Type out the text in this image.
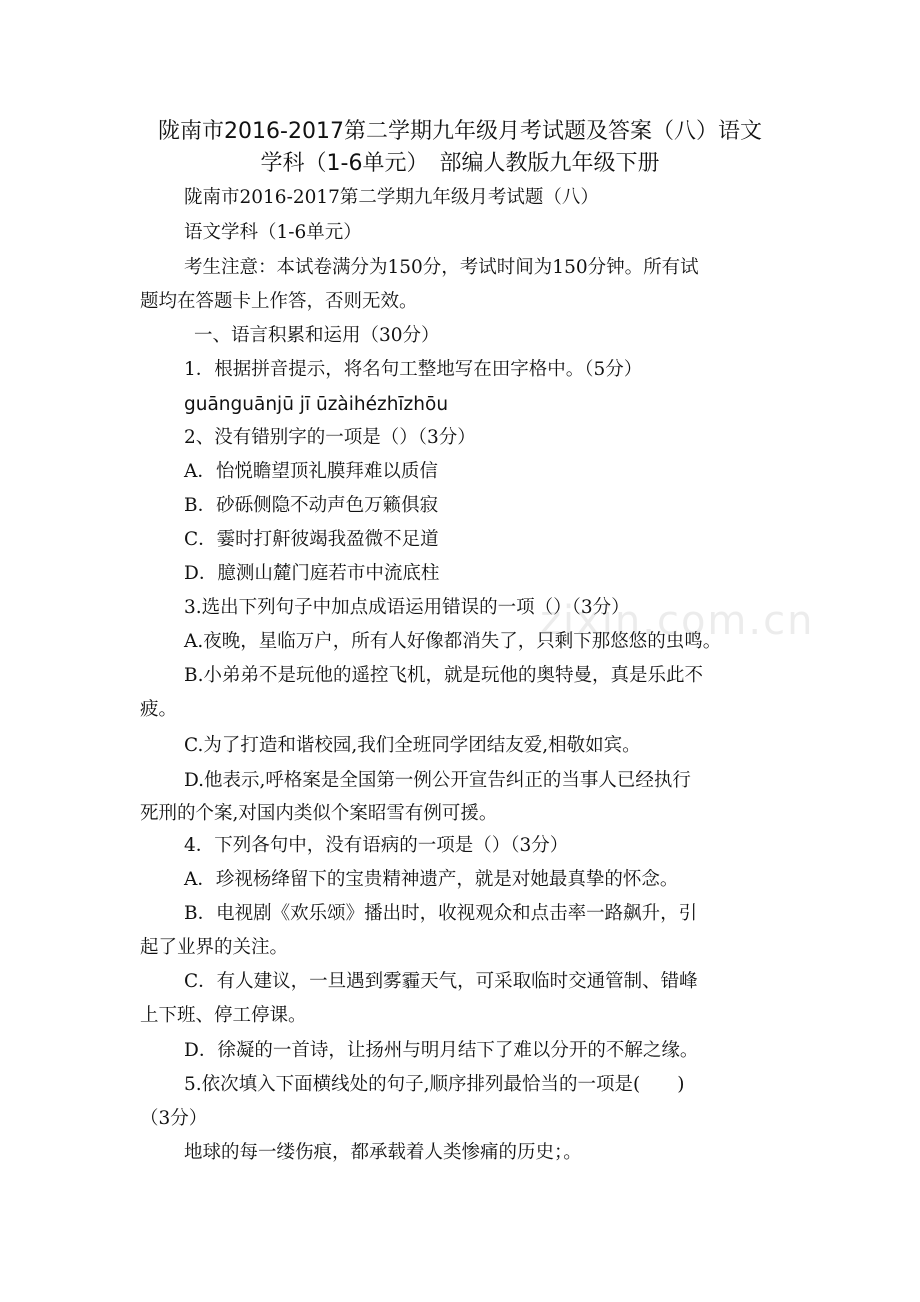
陇南市2016-2017第二学期九年级月考试题及答案（八）语文
学科（1-6单元）　部编人教版九年级下册
陇南市2016-2017第二学期九年级月考试题（八）
语文学科（1-6单元）
考生注意：本试卷满分为150分，考试时间为150分钟。所有试
题均在答题卡上作答，否则无效。
一、语言积累和运用（30分）
1．根据拼音提示，将名句工整地写在田字格中。（5分）
guānguānjū jī ūzàihézhīzhōu
2、没有错别字的一项是（）（3分）
A．怡悦瞻望顶礼膜拜难以质信
B．砂砾侧隐不动声色万籁俱寂
C．霎时打鼾彼竭我盈微不足道
D．臆测山麓门庭若市中流底柱
3.选出下列句子中加点成语运用错误的一项（）（3分）
A.夜晚，星临万户，所有人好像都消失了，只剩下那悠悠的虫鸣。
B.小弟弟不是玩他的遥控飞机，就是玩他的奥特曼，真是乐此不
疲。
C.为了打造和谐校园,我们全班同学团结友爱,相敬如宾。
D.他表示,呼格案是全国第一例公开宣告纠正的当事人已经执行
死刑的个案,对国内类似个案昭雪有例可援。
4．下列各句中，没有语病的一项是（）（3分）
A．珍视杨绛留下的宝贵精神遗产，就是对她最真挚的怀念。
B．电视剧《欢乐颂》播出时，收视观众和点击率一路飙升，引
起了业界的关注。
C．有人建议，一旦遇到雾霾天气，可采取临时交通管制、错峰
上下班、停工停课。
D．徐凝的一首诗，让扬州与明月结下了难以分开的不解之缘。
5.依次填入下面横线处的句子,顺序排列最恰当的一项是(　　)
（3分）
地球的每一缕伤痕，都承载着人类惨痛的历史；。
zixin.com.cn
